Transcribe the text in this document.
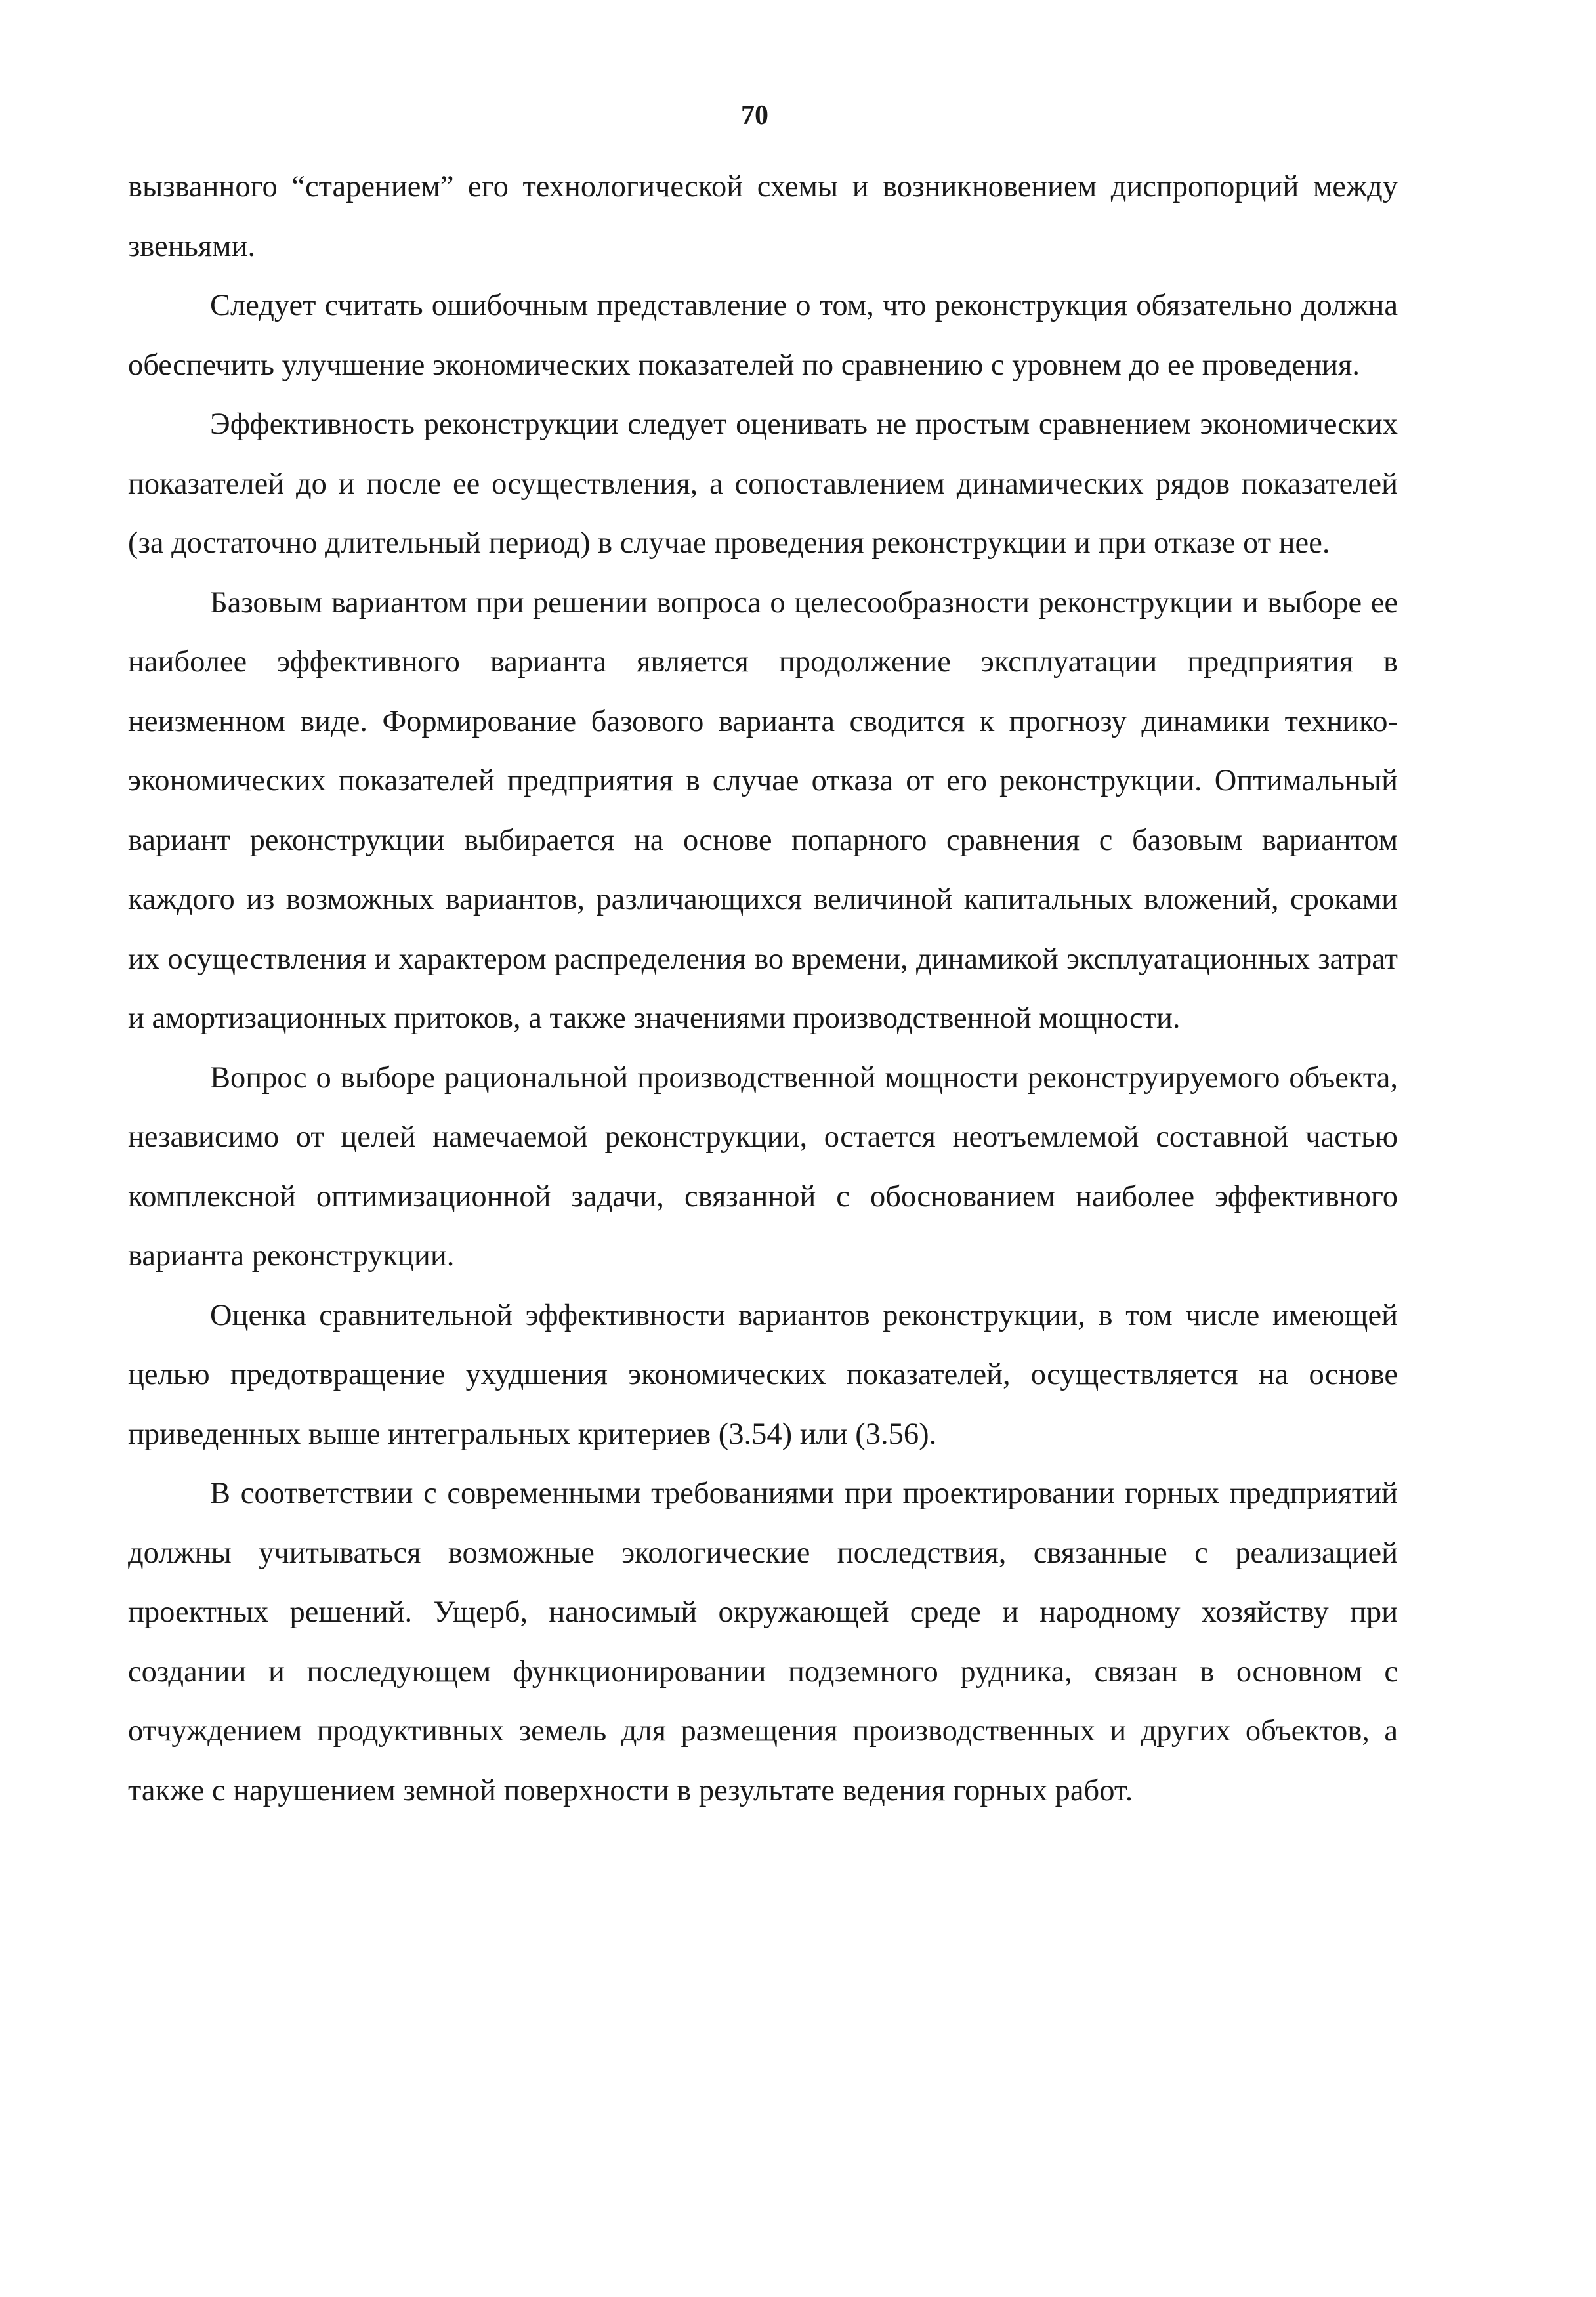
70

вызванного “старением” его технологической схемы и возникновением диспропорций между звеньями.

Следует считать ошибочным представление о том, что реконструкция обязательно должна обеспечить улучшение экономических показателей по сравнению с уровнем до ее проведения.

Эффективность реконструкции следует оценивать не простым сравнением экономических показателей до и после ее осуществления, а сопоставлением динамических рядов показателей (за достаточно длительный период) в случае проведения реконструкции и при отказе от нее.

Базовым вариантом при решении вопроса о целесообразности реконструкции и выборе ее наиболее эффективного варианта является продолжение эксплуатации предприятия в неизменном виде. Формирование базового варианта сводится к прогнозу динамики технико-экономических показателей предприятия в случае отказа от его реконструкции. Оптимальный вариант реконструкции выбирается на основе попарного сравнения с базовым вариантом каждого из возможных вариантов, различающихся величиной капитальных вложений, сроками их осуществления и характером распределения во времени, динамикой эксплуатационных затрат и амортизационных притоков, а также значениями производственной мощности.

Вопрос о выборе рациональной производственной мощности реконструируемого объекта, независимо от целей намечаемой реконструкции, остается неотъемлемой составной частью комплексной оптимизационной задачи, связанной с обоснованием наиболее эффективного варианта реконструкции.

Оценка сравнительной эффективности вариантов реконструкции, в том числе имеющей целью предотвращение ухудшения экономических показателей, осуществляется на основе приведенных выше интегральных критериев (3.54) или (3.56).

В соответствии с современными требованиями при проектировании горных предприятий должны учитываться возможные экологические последствия, связанные с реализацией проектных решений. Ущерб, наносимый окружающей среде и народному хозяйству при создании и последующем функционировании подземного рудника, связан в основном с отчуждением продуктивных земель для размещения производственных и других объектов, а также с нарушением земной поверхности в результате ведения горных работ.
